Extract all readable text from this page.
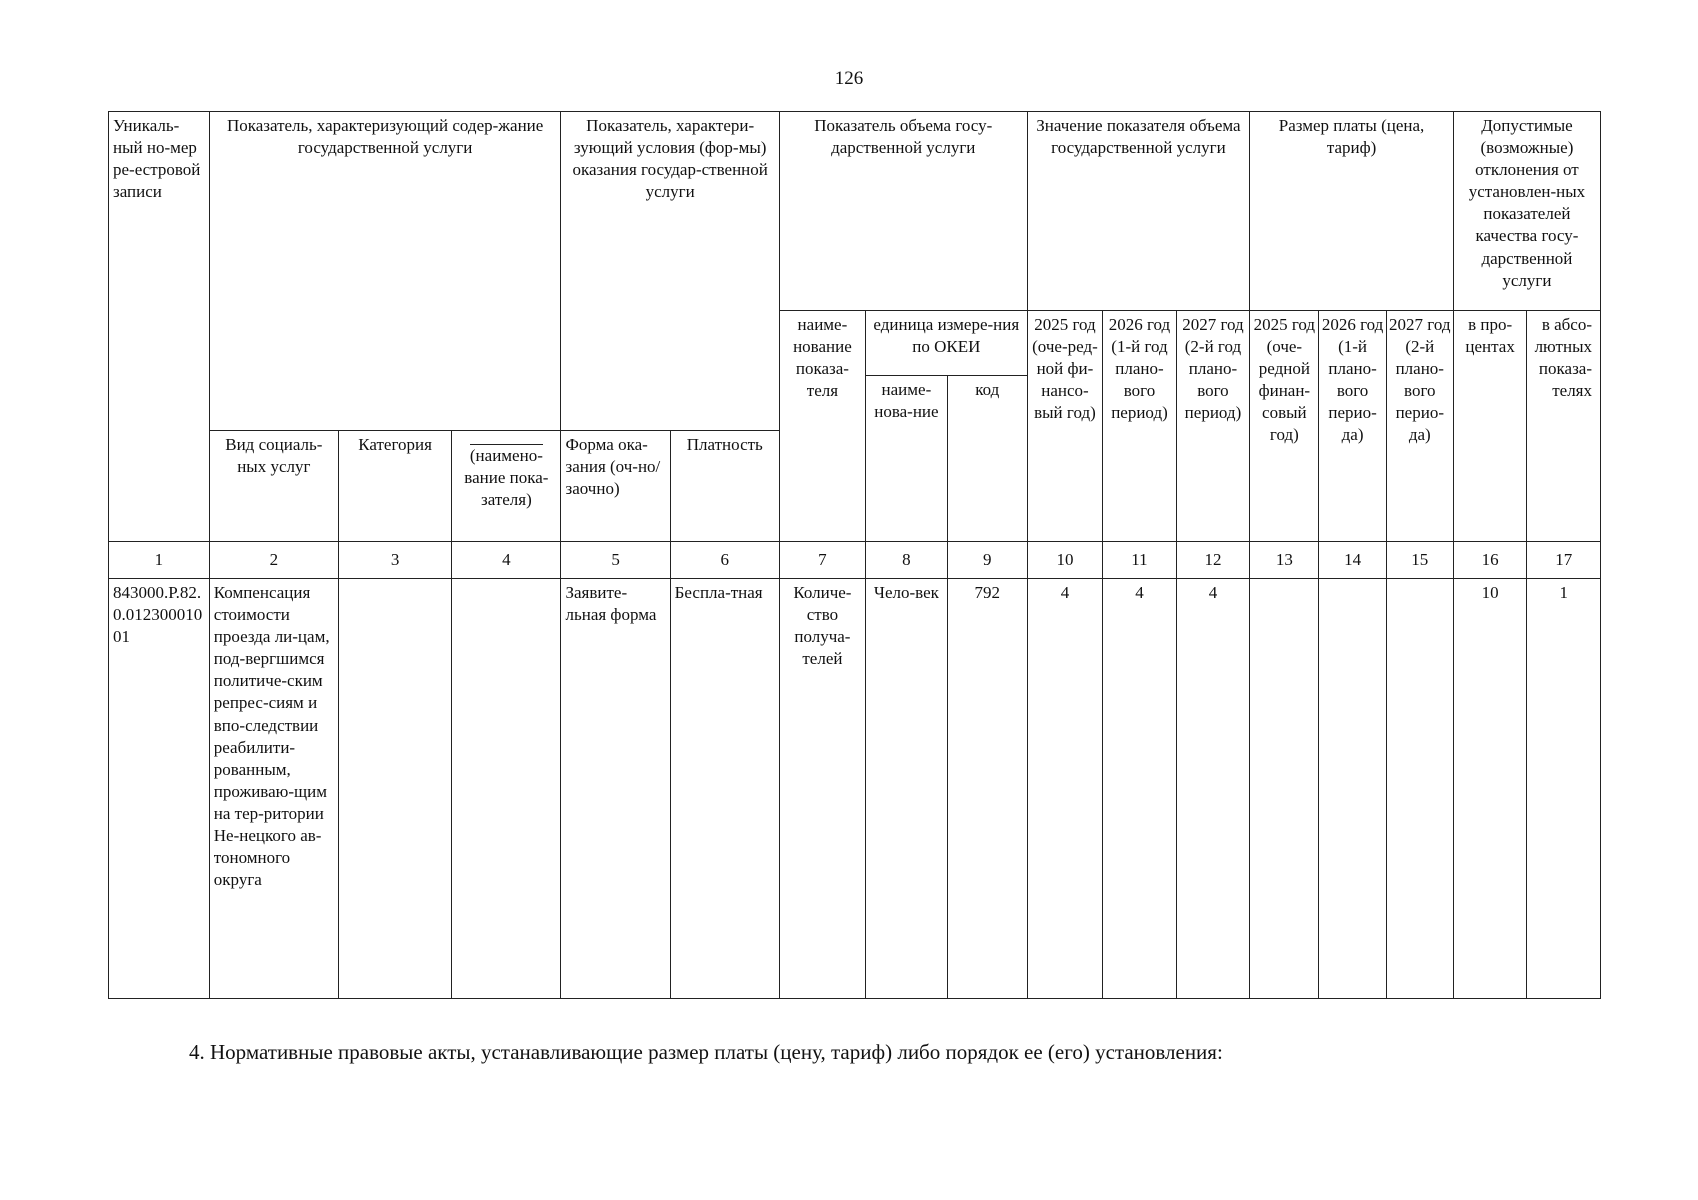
126
Уникаль-ный но-мер ре-естровой записи	Показатель, характеризующий содер-жание государственной услуги			Показатель, характери-зующий условия (фор-мы) оказания государ-ственной услуги		Показатель объема госу-дарственной услуги			Значение показателя объема государственной услуги			Размер платы (цена, тариф)			Допустимые (возможные) отклонения от установлен-ных показателей качества госу-дарственной услуги	
						наиме-нование показа-теля	единица измере-ния по ОКЕИ		2025 год (оче-ред-ной фи-нансо-вый год)	2026 год (1-й год плано-вого период)	2027 год (2-й год плано-вого период)	2025 год (оче-редной финан-совый год)	2026 год (1-й плано-вого перио-да)	2027 год (2-й плано-вого перио-да)	в про-центах	в абсо-лютных показа-телях
							наиме-нова-ние	код								
	Вид социаль-ных услуг	Категория	(наимено-вание пока-зателя)	Форма ока-зания (оч-но/заочно)	Платность											
1	2	3	4	5	6	7	8	9	10	11	12	13	14	15	16	17
843000.Р.82.0.01230001001	Компенсация стоимости проезда ли-цам, под-вергшимся политиче-ским репрес-сиям и впо-следствии реабилити-рованным, проживаю-щим на тер-ритории Не-нецкого ав-тономного округа			Заявите-льная форма	Беспла-тная	Количе-ство получа-телей	Чело-век	792	4	4	4				10	1
4. Нормативные правовые акты, устанавливающие размер платы (цену, тариф) либо порядок ее (его) установления:
